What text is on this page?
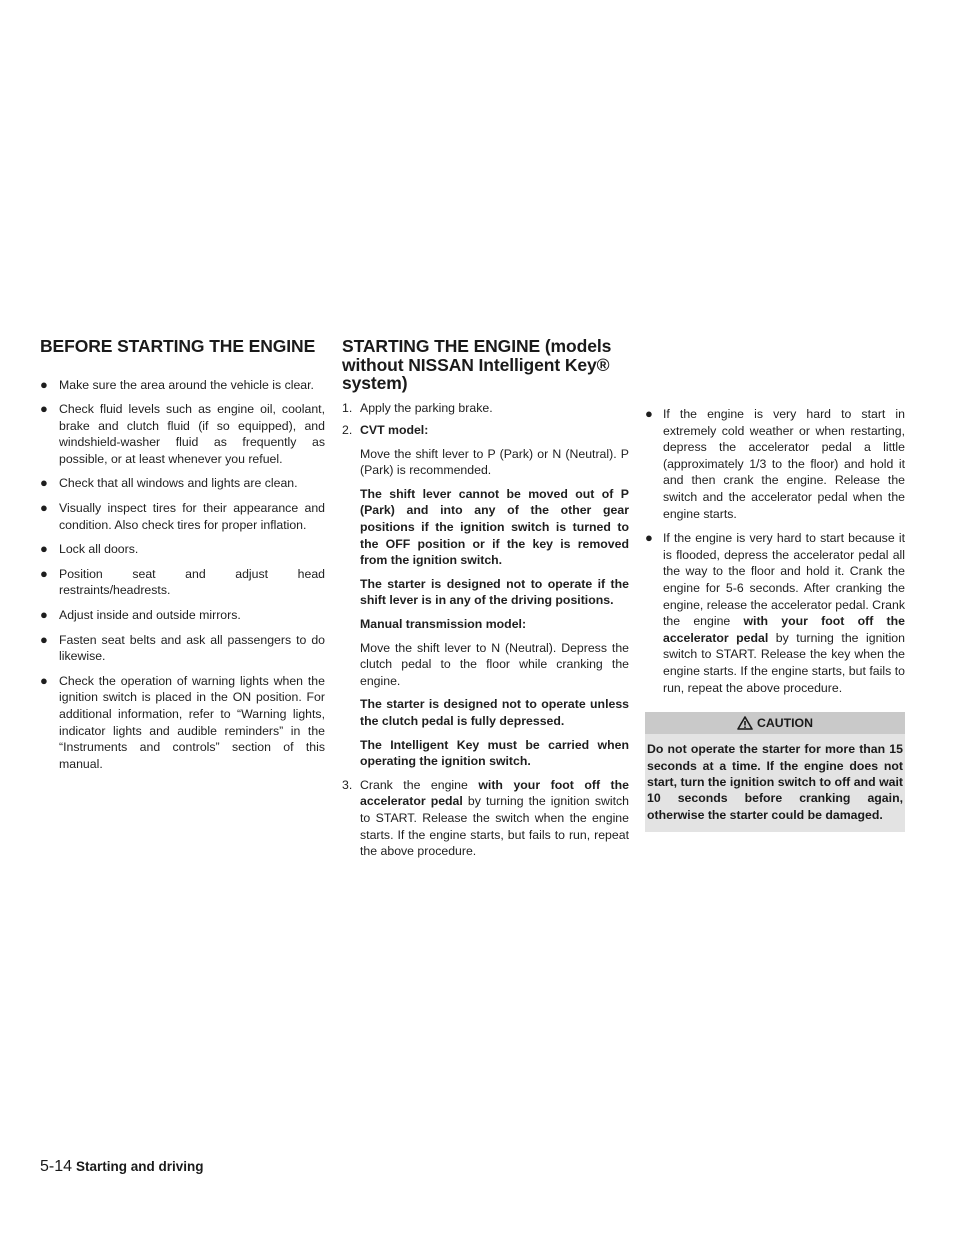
BEFORE STARTING THE ENGINE
● Make sure the area around the vehicle is clear.
● Check fluid levels such as engine oil, coolant, brake and clutch fluid (if so equipped), and windshield-washer fluid as frequently as possible, or at least whenever you refuel.
● Check that all windows and lights are clean.
● Visually inspect tires for their appearance and condition. Also check tires for proper inflation.
● Lock all doors.
● Position seat and adjust head restraints/headrests.
● Adjust inside and outside mirrors.
● Fasten seat belts and ask all passengers to do likewise.
● Check the operation of warning lights when the ignition switch is placed in the ON position. For additional information, refer to “Warning lights, indicator lights and audible reminders” in the “Instruments and controls” section of this manual.
STARTING THE ENGINE (models without NISSAN Intelligent Key® system)
1. Apply the parking brake.
2. CVT model:

Move the shift lever to P (Park) or N (Neutral). P (Park) is recommended.

The shift lever cannot be moved out of P (Park) and into any of the other gear positions if the ignition switch is turned to the OFF position or if the key is removed from the ignition switch.

The starter is designed not to operate if the shift lever is in any of the driving positions.

Manual transmission model:

Move the shift lever to N (Neutral). Depress the clutch pedal to the floor while cranking the engine.

The starter is designed not to operate unless the clutch pedal is fully depressed.

The Intelligent Key must be carried when operating the ignition switch.

3. Crank the engine with your foot off the accelerator pedal by turning the ignition switch to START. Release the switch when the engine starts. If the engine starts, but fails to run, repeat the above procedure.

● If the engine is very hard to start in extremely cold weather or when restarting, depress the accelerator pedal a little (approximately 1/3 to the floor) and hold it and then crank the engine. Release the switch and the accelerator pedal when the engine starts.
● If the engine is very hard to start because it is flooded, depress the accelerator pedal all the way to the floor and hold it. Crank the engine for 5-6 seconds. After cranking the engine, release the accelerator pedal. Crank the engine with your foot off the accelerator pedal by turning the ignition switch to START. Release the key when the engine starts. If the engine starts, but fails to run, repeat the above procedure.
CAUTION
Do not operate the starter for more than 15 seconds at a time. If the engine does not start, turn the ignition switch to off and wait 10 seconds before cranking again, otherwise the starter could be damaged.
5-14 Starting and driving
